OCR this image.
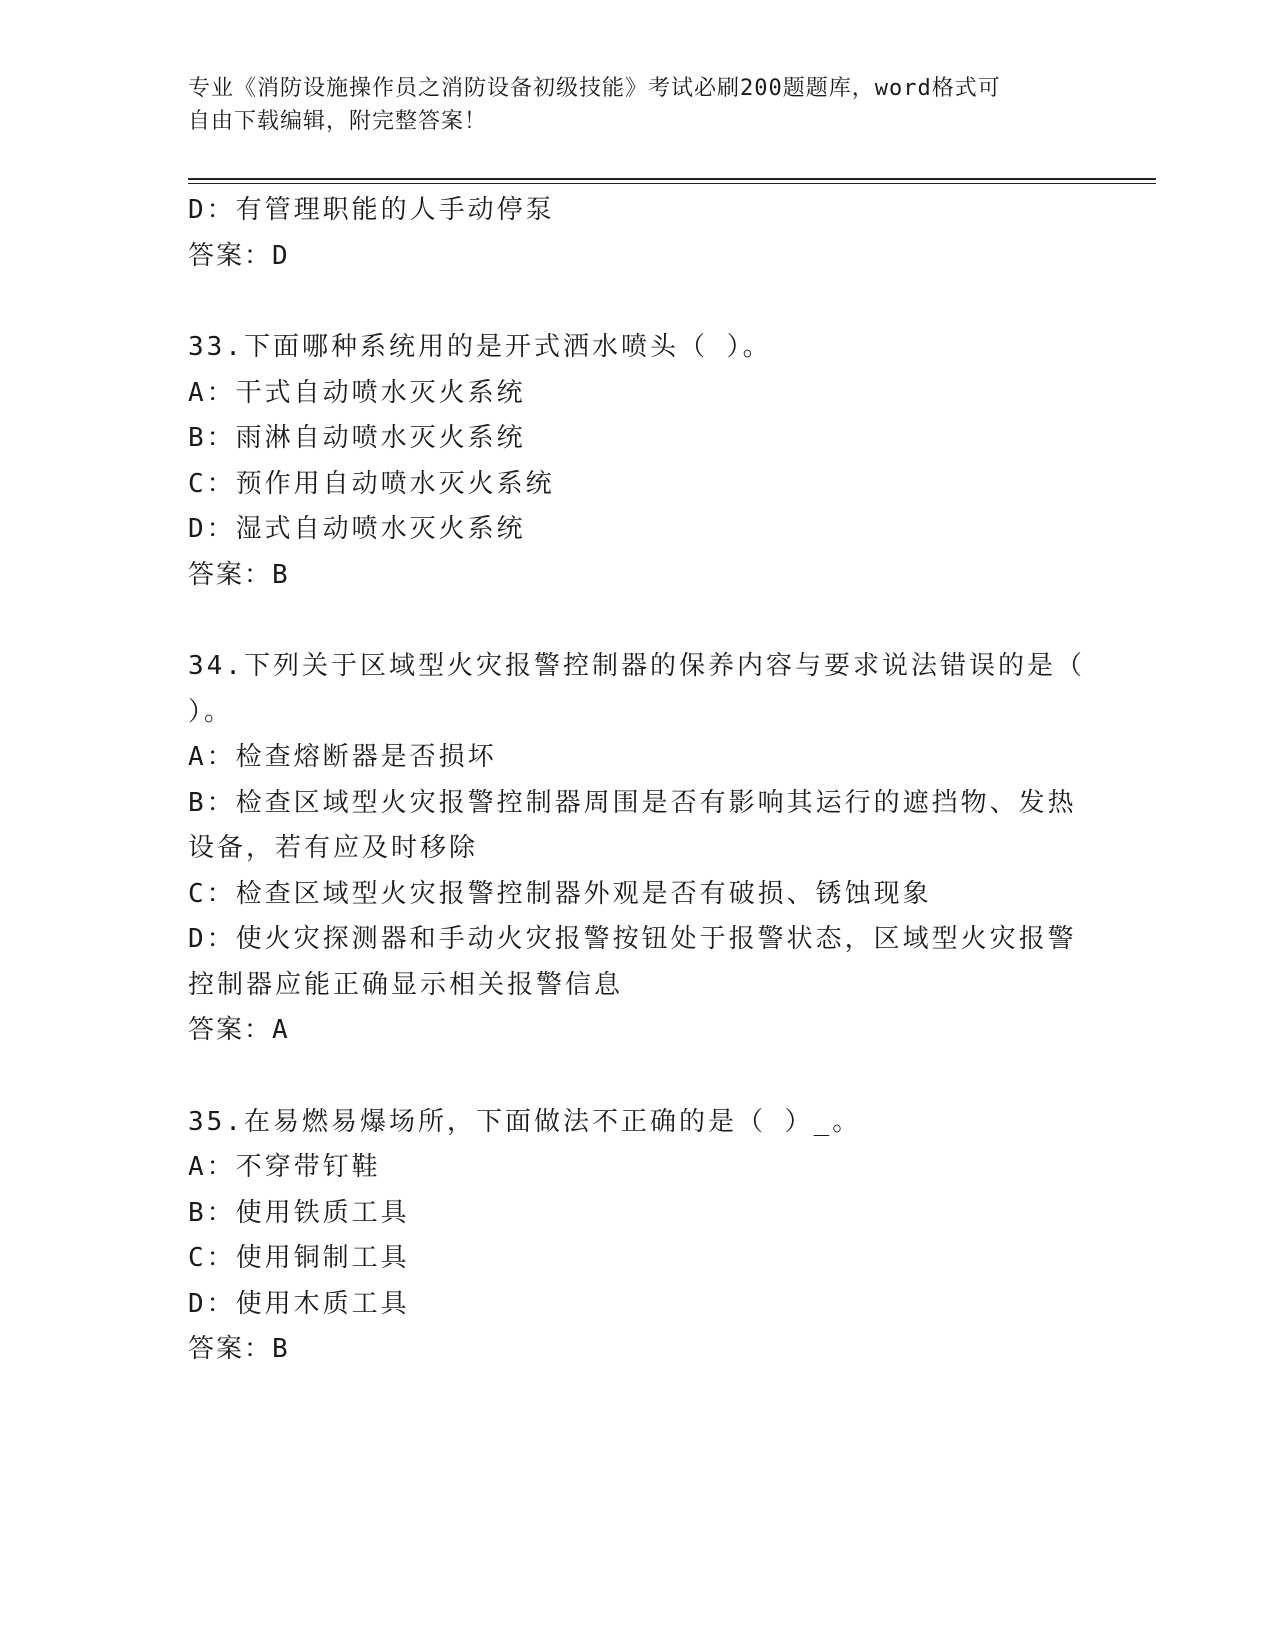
专业《消防设施操作员之消防设备初级技能》考试必刷200题题库，word格式可
自由下载编辑，附完整答案！
D：有管理职能的人手动停泵
答案：D
33.下面哪种系统用的是开式洒水喷头（ ）。
A：干式自动喷水灭火系统
B：雨淋自动喷水灭火系统
C：预作用自动喷水灭火系统
D：湿式自动喷水灭火系统
答案：B
34.下列关于区域型火灾报警控制器的保养内容与要求说法错误的是（
）。
A：检查熔断器是否损坏
B：检查区域型火灾报警控制器周围是否有影响其运行的遮挡物、发热
设备，若有应及时移除
C：检查区域型火灾报警控制器外观是否有破损、锈蚀现象
D：使火灾探测器和手动火灾报警按钮处于报警状态，区域型火灾报警
控制器应能正确显示相关报警信息
答案：A
35.在易燃易爆场所，下面做法不正确的是（ ）_。
A：不穿带钉鞋
B：使用铁质工具
C：使用铜制工具
D：使用木质工具
答案：B
